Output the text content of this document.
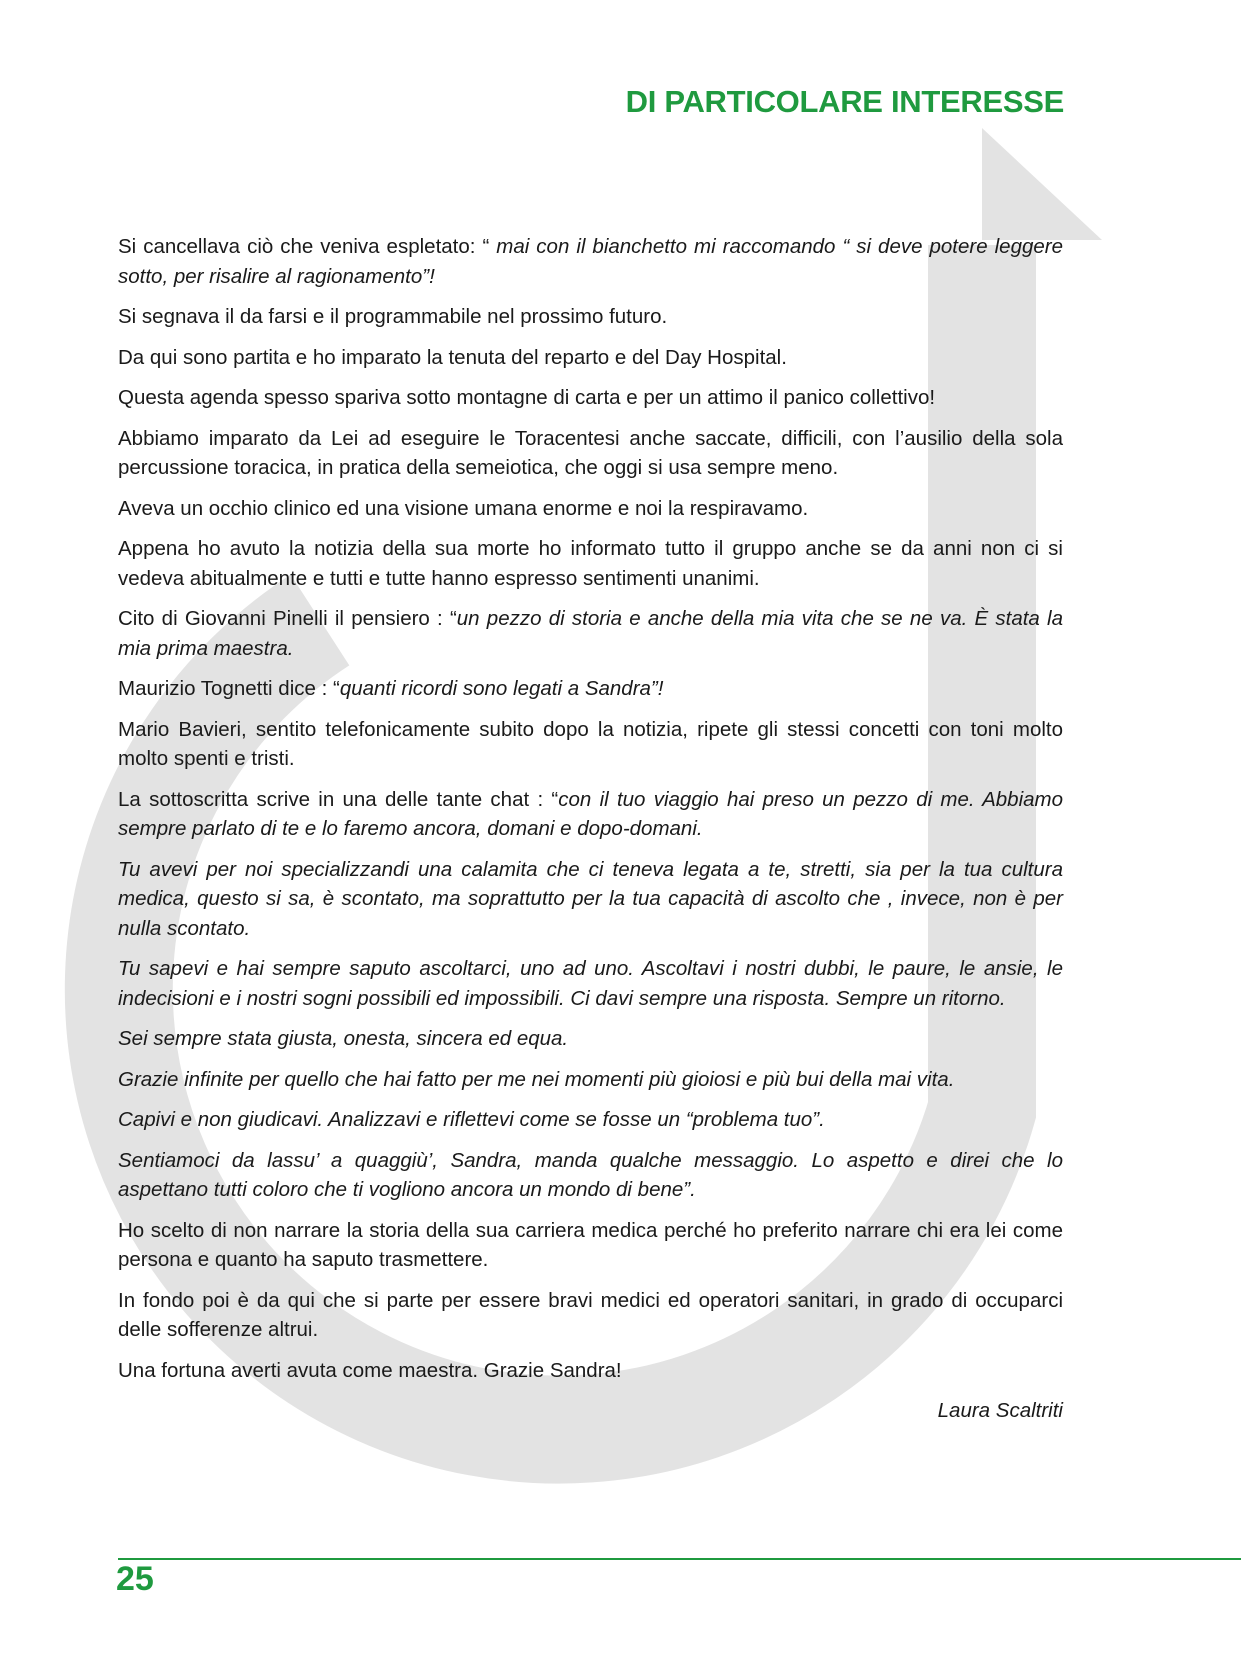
DI PARTICOLARE INTERESSE

Si cancellava ciò che veniva espletato: “ mai con il bianchetto mi raccomando “ si deve potere leggere sotto, per risalire al ragionamento”!

Si segnava il da farsi e il programmabile nel prossimo futuro.

Da qui sono partita e ho imparato la tenuta del reparto e del Day Hospital.

Questa agenda spesso spariva sotto montagne di carta e per un attimo il panico collettivo!

Abbiamo imparato da Lei ad eseguire le Toracentesi anche saccate, difficili, con l’ausilio della sola percussione toracica, in pratica della semeiotica, che oggi si usa sempre meno.

Aveva un occhio clinico ed una visione umana enorme e noi la respiravamo.

Appena ho avuto la notizia della sua morte ho informato tutto il gruppo anche se da anni non ci si vedeva abitualmente e tutti e tutte hanno espresso sentimenti unanimi.

Cito di Giovanni Pinelli il pensiero : “un pezzo di storia e anche della mia vita che se ne va. È stata la mia prima maestra.

Maurizio Tognetti dice : “quanti ricordi sono legati a Sandra”!

Mario Bavieri, sentito telefonicamente subito dopo la notizia, ripete gli stessi concetti con toni molto molto spenti e tristi.

La sottoscritta scrive in una delle tante chat : “con il tuo viaggio hai preso un pezzo di me. Abbiamo sempre parlato di te e lo faremo ancora, domani e dopo-domani.

Tu avevi per noi specializzandi una calamita che ci teneva legata a te, stretti, sia per la tua cultura medica, questo si sa, è scontato, ma soprattutto per la tua capacità di ascolto che , invece, non è per nulla scontato.

Tu sapevi e hai sempre saputo ascoltarci, uno ad uno. Ascoltavi i nostri dubbi, le paure, le ansie, le indecisioni e i nostri sogni possibili ed impossibili. Ci davi sempre una risposta. Sempre un ritorno.

Sei sempre stata giusta, onesta, sincera ed equa.

Grazie infinite per quello che hai fatto per me nei momenti più gioiosi e più bui della mai vita.

Capivi e non giudicavi. Analizzavi e riflettevi come se fosse un “problema tuo”.

Sentiamoci da lassu’ a quaggiù’, Sandra, manda qualche messaggio. Lo aspetto e direi che lo aspettano tutti coloro che ti vogliono ancora un mondo di bene”.

Ho scelto di non narrare la storia della sua carriera medica perché ho preferito narrare chi era lei come persona e quanto ha saputo trasmettere.

In fondo poi è da qui che si parte per essere bravi medici ed operatori sanitari, in grado di occuparci delle sofferenze altrui.

Una fortuna averti avuta come maestra. Grazie Sandra!

Laura Scaltriti

25
